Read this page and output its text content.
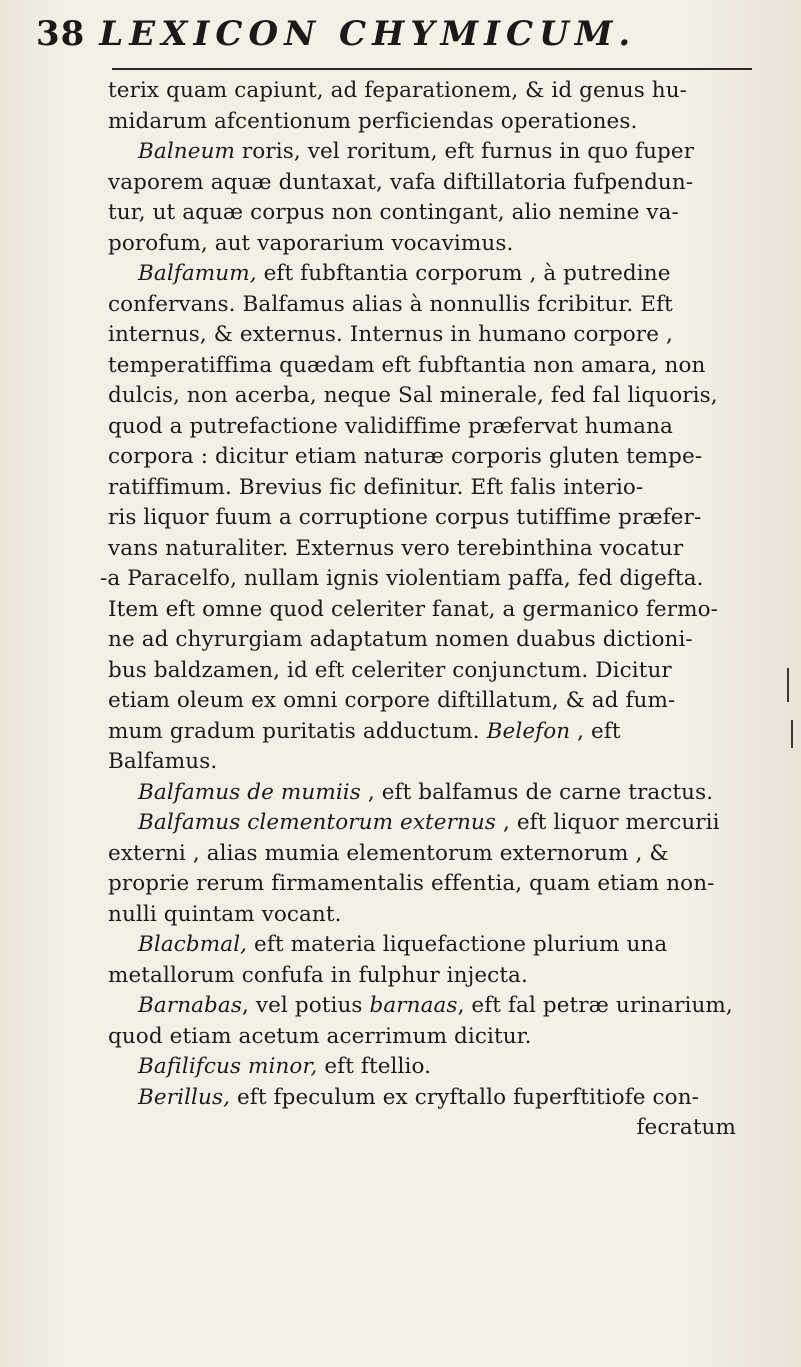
38 LEXICON CHYMICUM.
terix quam capiunt, ad feparationem, & id genus hu-
midarum afcentionum perficiendas operationes.
Balneum roris, vel roritum, eft furnus in quo fuper
vaporem aquæ duntaxat, vafa diftillatoria fufpendun-
tur, ut aquæ corpus non contingant, alio nemine va-
porofum, aut vaporarium vocavimus.
Balfamum, eft fubftantia corporum , à putredine
confervans. Balfamus alias à nonnullis fcribitur. Eft
internus, & externus. Internus in humano corpore ,
temperatiffima quædam eft fubftantia non amara, non
dulcis, non acerba, neque Sal minerale, fed fal liquoris,
quod a putrefactione validiffime præfervat humana
corpora : dicitur etiam naturæ corporis gluten tempe-
ratiffimum. Brevius fic definitur. Eft falis interio-
ris liquor fuum a corruptione corpus tutiffime præfer-
vans naturaliter. Externus vero terebinthina vocatur
-a Paracelfo, nullam ignis violentiam paffa, fed digefta.
Item eft omne quod celeriter fanat, a germanico fermo-
ne ad chyrurgiam adaptatum nomen duabus dictioni-
bus baldzamen, id eft celeriter conjunctum. Dicitur
etiam oleum ex omni corpore diftillatum, & ad fum-
mum gradum puritatis adductum. Belefon , eft
Balfamus.
Balfamus de mumiis , eft balfamus de carne tractus.
Balfamus clementorum externus , eft liquor mercurii
externi , alias mumia elementorum externorum , &
proprie rerum firmamentalis effentia, quam etiam non-
nulli quintam vocant.
Blacbmal, eft materia liquefactione plurium una
metallorum confufa in fulphur injecta.
Barnabas, vel potius barnaas, eft fal petræ urinarium,
quod etiam acetum acerrimum dicitur.
Bafilifcus minor, eft ftellio.
Berillus, eft fpeculum ex cryftallo fuperftitiofe con-
fecratum
